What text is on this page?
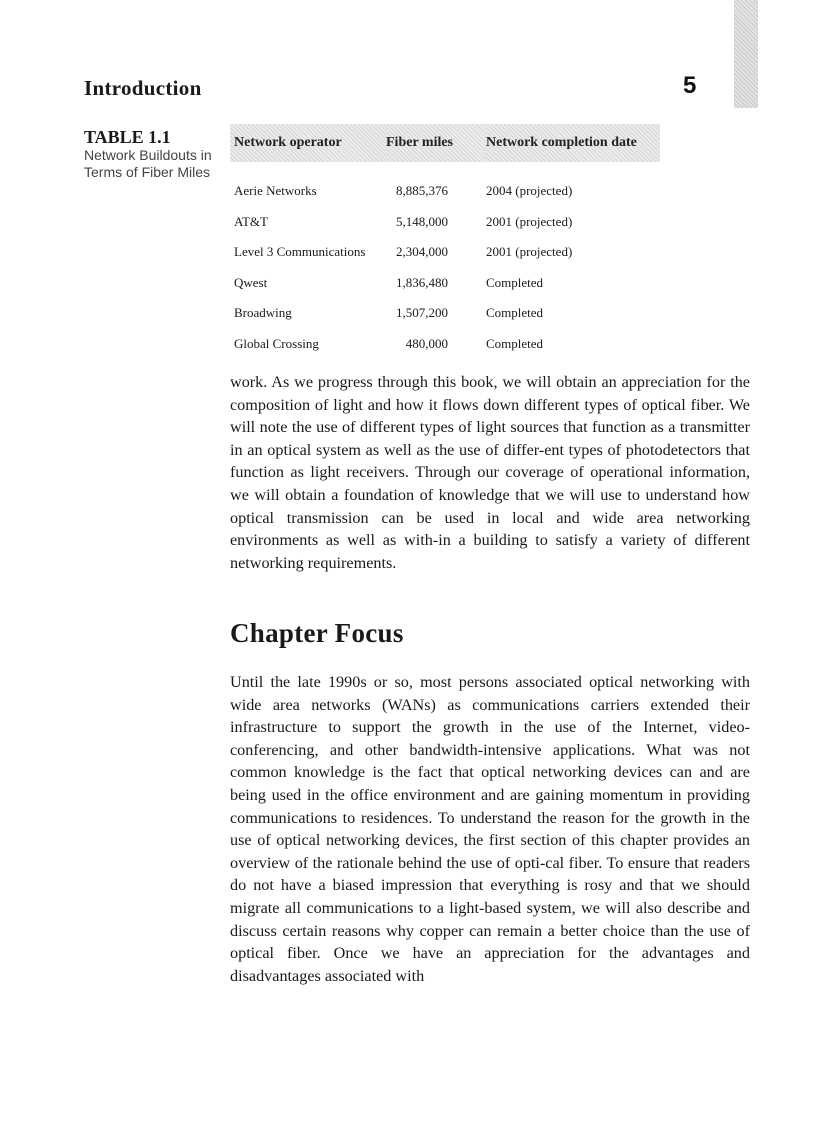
5
Introduction
TABLE 1.1
Network Buildouts in Terms of Fiber Miles
Network operator	Fiber miles	Network completion date
Aerie Networks	8,885,376	2004 (projected)
AT&T	5,148,000	2001 (projected)
Level 3 Communications	2,304,000	2001 (projected)
Qwest	1,836,480	Completed
Broadwing	1,507,200	Completed
Global Crossing	480,000	Completed

work. As we progress through this book, we will obtain an appreciation for the composition of light and how it flows down different types of optical fiber. We will note the use of different types of light sources that function as a transmitter in an optical system as well as the use of differ-ent types of photodetectors that function as light receivers. Through our coverage of operational information, we will obtain a foundation of knowledge that we will use to understand how optical transmission can be used in local and wide area networking environments as well as with-in a building to satisfy a variety of different networking requirements.

Chapter Focus

Until the late 1990s or so, most persons associated optical networking with wide area networks (WANs) as communications carriers extended their infrastructure to support the growth in the use of the Internet, video-conferencing, and other bandwidth-intensive applications. What was not common knowledge is the fact that optical networking devices can and are being used in the office environment and are gaining momentum in providing communications to residences. To understand the reason for the growth in the use of optical networking devices, the first section of this chapter provides an overview of the rationale behind the use of opti-cal fiber. To ensure that readers do not have a biased impression that everything is rosy and that we should migrate all communications to a light-based system, we will also describe and discuss certain reasons why copper can remain a better choice than the use of optical fiber. Once we have an appreciation for the advantages and disadvantages associated with
